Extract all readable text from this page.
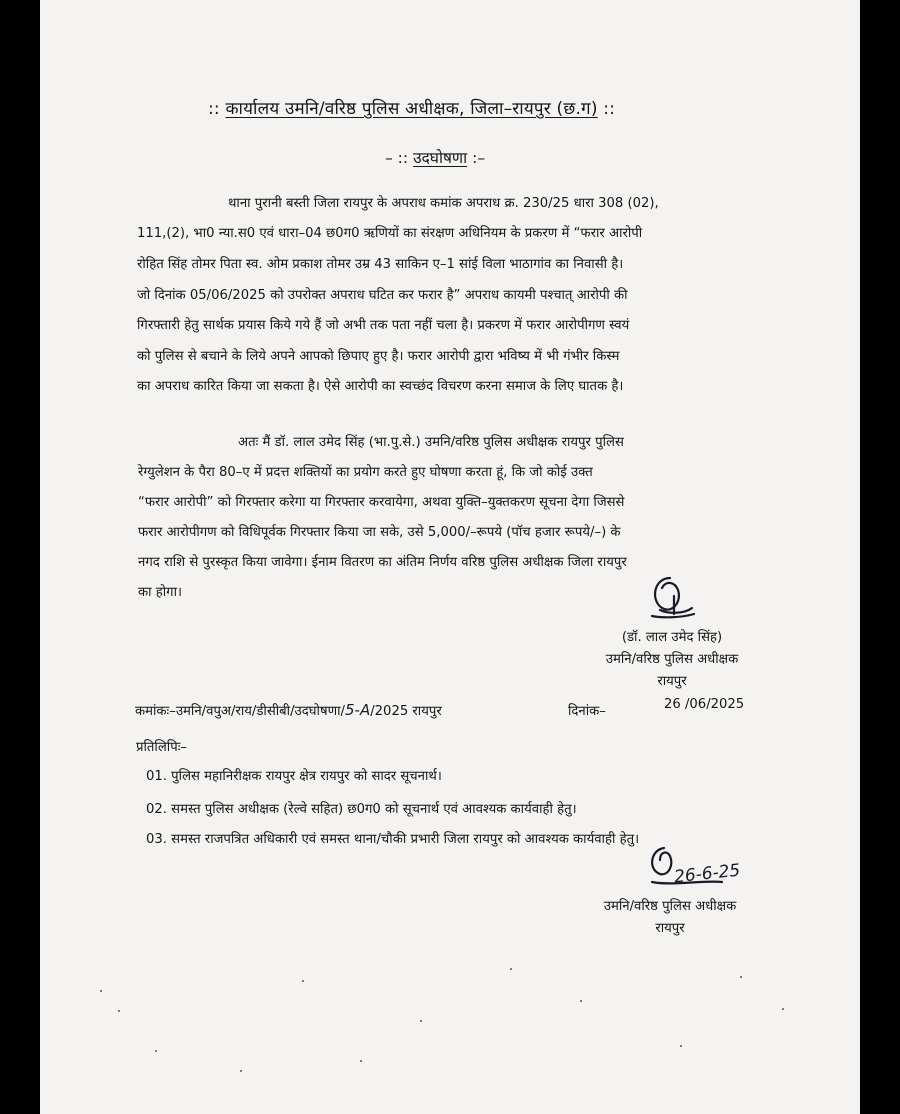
:: कार्यालय उमनि/वरिष्ठ पुलिस अधीक्षक, जिला–रायपुर (छ.ग) ::
– :: उदघोषणा :–
थाना पुरानी बस्ती जिला रायपुर के अपराध कमांक अपराध क्र. 230/25 धारा 308 (02),
111,(2), भा0 न्या.स0 एवं धारा–04 छ0ग0 ऋणियों का संरक्षण अधिनियम के प्रकरण में “फरार आरोपी
रोहित सिंह तोमर पिता स्व. ओम प्रकाश तोमर उम्र 43 साकिन ए–1 सांई विला भाठागांव का निवासी है।
जो दिनांक 05/06/2025 को उपरोक्त अपराध घटित कर फरार है” अपराध कायमी पश्चात् आरोपी की
गिरफ्तारी हेतु सार्थक प्रयास किये गये हैं जो अभी तक पता नहीं चला है। प्रकरण में फरार आरोपीगण स्वयं
को पुलिस से बचाने के लिये अपने आपको छिपाए हुए है। फरार आरोपी द्वारा भविष्य में भी गंभीर किस्म
का अपराध कारित किया जा सकता है। ऐसे आरोपी का स्वच्छंद विचरण करना समाज के लिए घातक है।
अतः मैं डॉ. लाल उमेद सिंह (भा.पु.से.) उमनि/वरिष्ठ पुलिस अधीक्षक रायपुर पुलिस
रेग्युलेशन के पैरा 80–ए में प्रदत्त शक्तियों का प्रयोग करते हुए घोषणा करता हूं, कि जो कोई उक्त
“फरार आरोपी” को गिरफ्तार करेगा या गिरफ्तार करवायेगा, अथवा युक्ति–युक्तकरण सूचना देगा जिससे
फरार आरोपीगण को विधिपूर्वक गिरफ्तार किया जा सके, उसे 5,000/–रूपये (पॉच हजार रूपये/–) के
नगद राशि से पुरस्कृत किया जावेगा। ईनाम वितरण का अंतिम निर्णय वरिष्ठ पुलिस अधीक्षक जिला रायपुर
का होगा।
(डॉ. लाल उमेद सिंह)
उमनि/वरिष्ठ पुलिस अधीक्षक
रायपुर
कमांकः–उमनि/वपुअ/राय/डीसीबी/उदघोषणा/5-A/2025 रायपुर	दिनांक–	26 /06/2025
प्रतिलिपिः–
01. पुलिस महानिरीक्षक रायपुर क्षेत्र रायपुर को सादर सूचनार्थ।
02. समस्त पुलिस अधीक्षक (रेल्वे सहित) छ0ग0 को सूचनार्थ एवं आवश्यक कार्यवाही हेतु।
03. समस्त राजपत्रित अधिकारी एवं समस्त थाना/चौकी प्रभारी जिला रायपुर को आवश्यक कार्यवाही हेतु।
26-6-25
उमनि/वरिष्ठ पुलिस अधीक्षक
रायपुर
